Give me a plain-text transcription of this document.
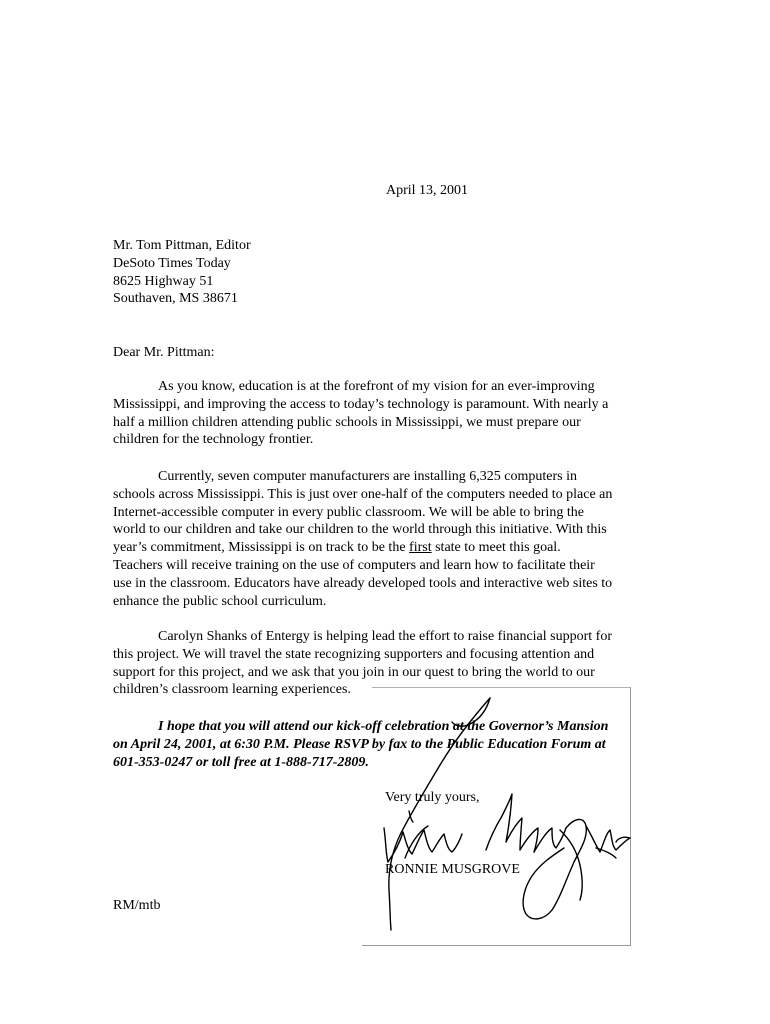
April 13, 2001
Mr. Tom Pittman, Editor
DeSoto Times Today
8625 Highway 51
Southaven, MS 38671
Dear Mr. Pittman:
As you know, education is at the forefront of my vision for an ever-improving
Mississippi, and improving the access to today’s technology is paramount. With nearly a
half a million children attending public schools in Mississippi, we must prepare our
children for the technology frontier.
Currently, seven computer manufacturers are installing 6,325 computers in
schools across Mississippi. This is just over one-half of the computers needed to place an
Internet-accessible computer in every public classroom. We will be able to bring the
world to our children and take our children to the world through this initiative. With this
year’s commitment, Mississippi is on track to be the first state to meet this goal.
Teachers will receive training on the use of computers and learn how to facilitate their
use in the classroom. Educators have already developed tools and interactive web sites to
enhance the public school curriculum.
Carolyn Shanks of Entergy is helping lead the effort to raise financial support for
this project. We will travel the state recognizing supporters and focusing attention and
support for this project, and we ask that you join in our quest to bring the world to our
children’s classroom learning experiences.
I hope that you will attend our kick-off celebration at the Governor’s Mansion
on April 24, 2001, at 6:30 P.M. Please RSVP by fax to the Public Education Forum at
601-353-0247 or toll free at 1-888-717-2809.
Very truly yours,
RONNIE MUSGROVE
RM/mtb
